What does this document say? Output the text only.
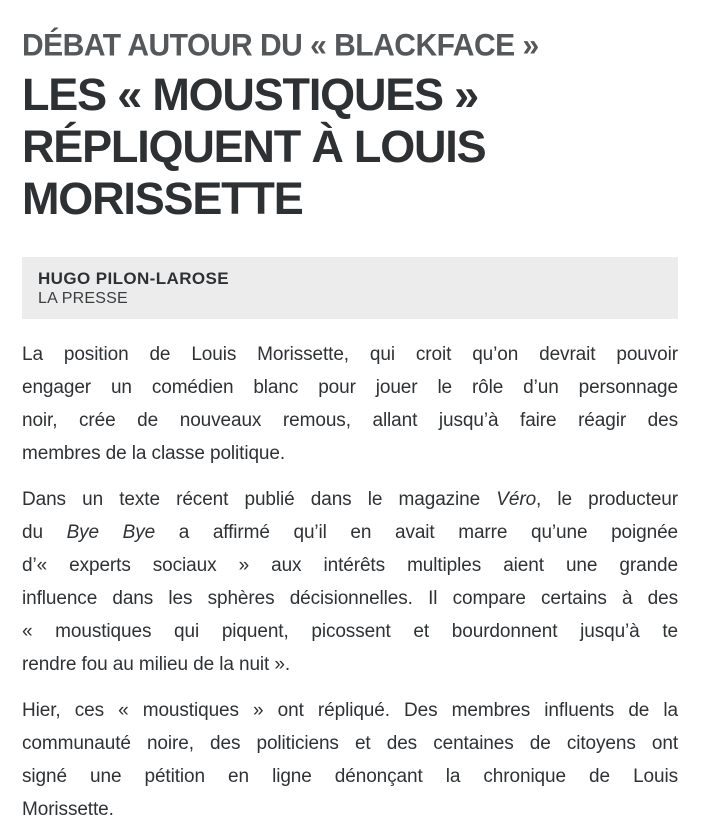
DÉBAT AUTOUR DU « BLACKFACE »
LES « MOUSTIQUES »
RÉPLIQUENT À LOUIS
MORISSETTE
HUGO PILON-LAROSE
LA PRESSE
La position de Louis Morissette, qui croit qu’on devrait pouvoir
engager un comédien blanc pour jouer le rôle d’un personnage
noir, crée de nouveaux remous, allant jusqu’à faire réagir des
membres de la classe politique.
Dans un texte récent publié dans le magazine Véro, le producteur
du Bye Bye a affirmé qu’il en avait marre qu’une poignée
d’« experts sociaux » aux intérêts multiples aient une grande
influence dans les sphères décisionnelles. Il compare certains à des
« moustiques qui piquent, picossent et bourdonnent jusqu’à te
rendre fou au milieu de la nuit ».
Hier, ces « moustiques » ont répliqué. Des membres influents de la
communauté noire, des politiciens et des centaines de citoyens ont
signé une pétition en ligne dénonçant la chronique de Louis
Morissette.
